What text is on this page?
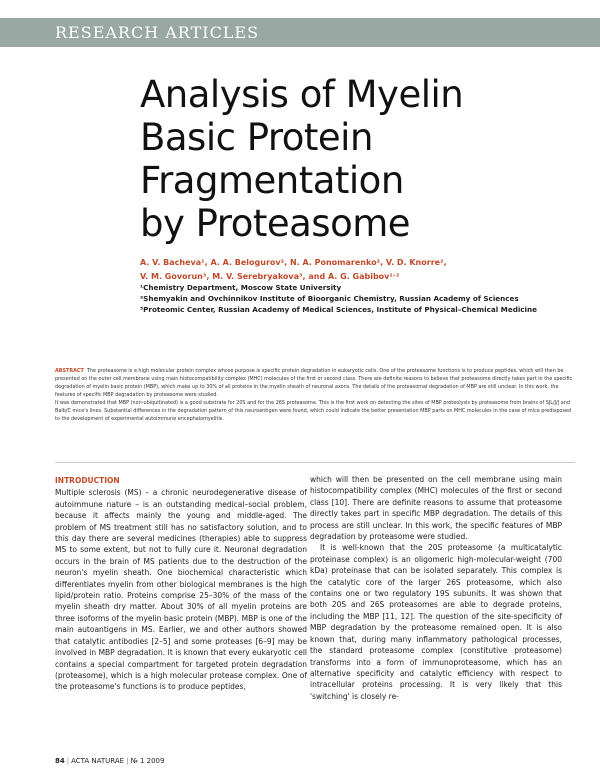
RESEARCH ARTICLES
Analysis of Myelin
Basic Protein
Fragmentation
by Proteasome
A. V. Bacheva¹, A. A. Belogurov², N. A. Ponomarenko², V. D. Knorre²,
V. M. Govorun³, M. V. Serebryakova³, and A. G. Gabibov¹˒²
¹Chemistry Department, Moscow State University
²Shemyakin and Ovchinnikov Institute of Bioorganic Chemistry, Russian Academy of Sciences
³Proteomic Center, Russian Academy of Medical Sciences, Institute of Physical–Chemical Medicine

ABSTRACT The proteasome is a high molecular protein complex whose purpose is specific protein degradation in eukaryotic cells. One of the proteasome functions is to produce peptides, which will then be presented on the outer cell membrane using main histocompatibility complex (MHC) molecules of the first or second class. There are definite reasons to believe that proteasome directly takes part in the specific degradation of myelin basic protein (MBP), which make up to 30% of all proteins in the myelin sheath of neuronal axons. The details of the proteasomal degradation of MBP are still unclear. In this work, the features of specific MBP degradation by proteasome were studied.

It was demonstrated that MBP (non-ubiquitinated) is a good substrate for 20S and for the 26S proteasome. This is the first work on detecting the sites of MBP proteolysis by proteasome from brains of SJL/J/J and Balb/C mice's lines. Substantial differences in the degradation pattern of this neuroantigen were found, which could indicate the better presentation MBP parts on MHC molecules in the case of mice predisposed to the development of experimental autoimmune encephalomyelitis.

INTRODUCTION

Multiple sclerosis (MS) – a chronic neurodegenerative disease of autoimmune nature – is an outstanding medical–social problem, because it affects mainly the young and middle-aged. The problem of MS treatment still has no satisfactory solution, and to this day there are several medicines (therapies) able to suppress MS to some extent, but not to fully cure it. Neuronal degradation occurs in the brain of MS patients due to the destruction of the neuron's myelin sheath. One biochemical characteristic which differentiates myelin from other biological membranes is the high lipid/protein ratio. Proteins comprise 25–30% of the mass of the myelin sheath dry matter. About 30% of all myelin proteins are three isoforms of the myelin basic protein (MBP). MBP is one of the main autoantigens in MS. Earlier, we and other authors showed that catalytic antibodies [2–5] and some proteases [6–9] may be involved in MBP degradation. It is known that every eukaryotic cell contains a special compartment for targeted protein degradation (proteasome), which is a high molecular protease complex. One of the proteasome's functions is to produce peptides,

which will then be presented on the cell membrane using main histocompatibility complex (MHC) molecules of the first or second class [10]. There are definite reasons to assume that proteasome directly takes part in specific MBP degradation. The details of this process are still unclear. In this work, the specific features of MBP degradation by proteasome were studied.

It is well-known that the 20S proteasome (a multicatalytic proteinase complex) is an oligomeric high-molecular-weight (700 kDa) proteinase that can be isolated separately. This complex is the catalytic core of the larger 26S proteasome, which also contains one or two regulatory 19S subunits. It was shown that both 20S and 26S proteasomes are able to degrade proteins, including the MBP [11, 12]. The question of the site-specificity of MBP degradation by the proteasome remained open. It is also known that, during many inflammatory pathological processes, the standard proteasome complex (constitutive proteasome) transforms into a form of immunoproteasome, which has an alternative specificity and catalytic efficiency with respect to intracellular proteins processing. It is very likely that this 'switching' is closely re-

84 | ACTA NATURAE | № 1 2009
